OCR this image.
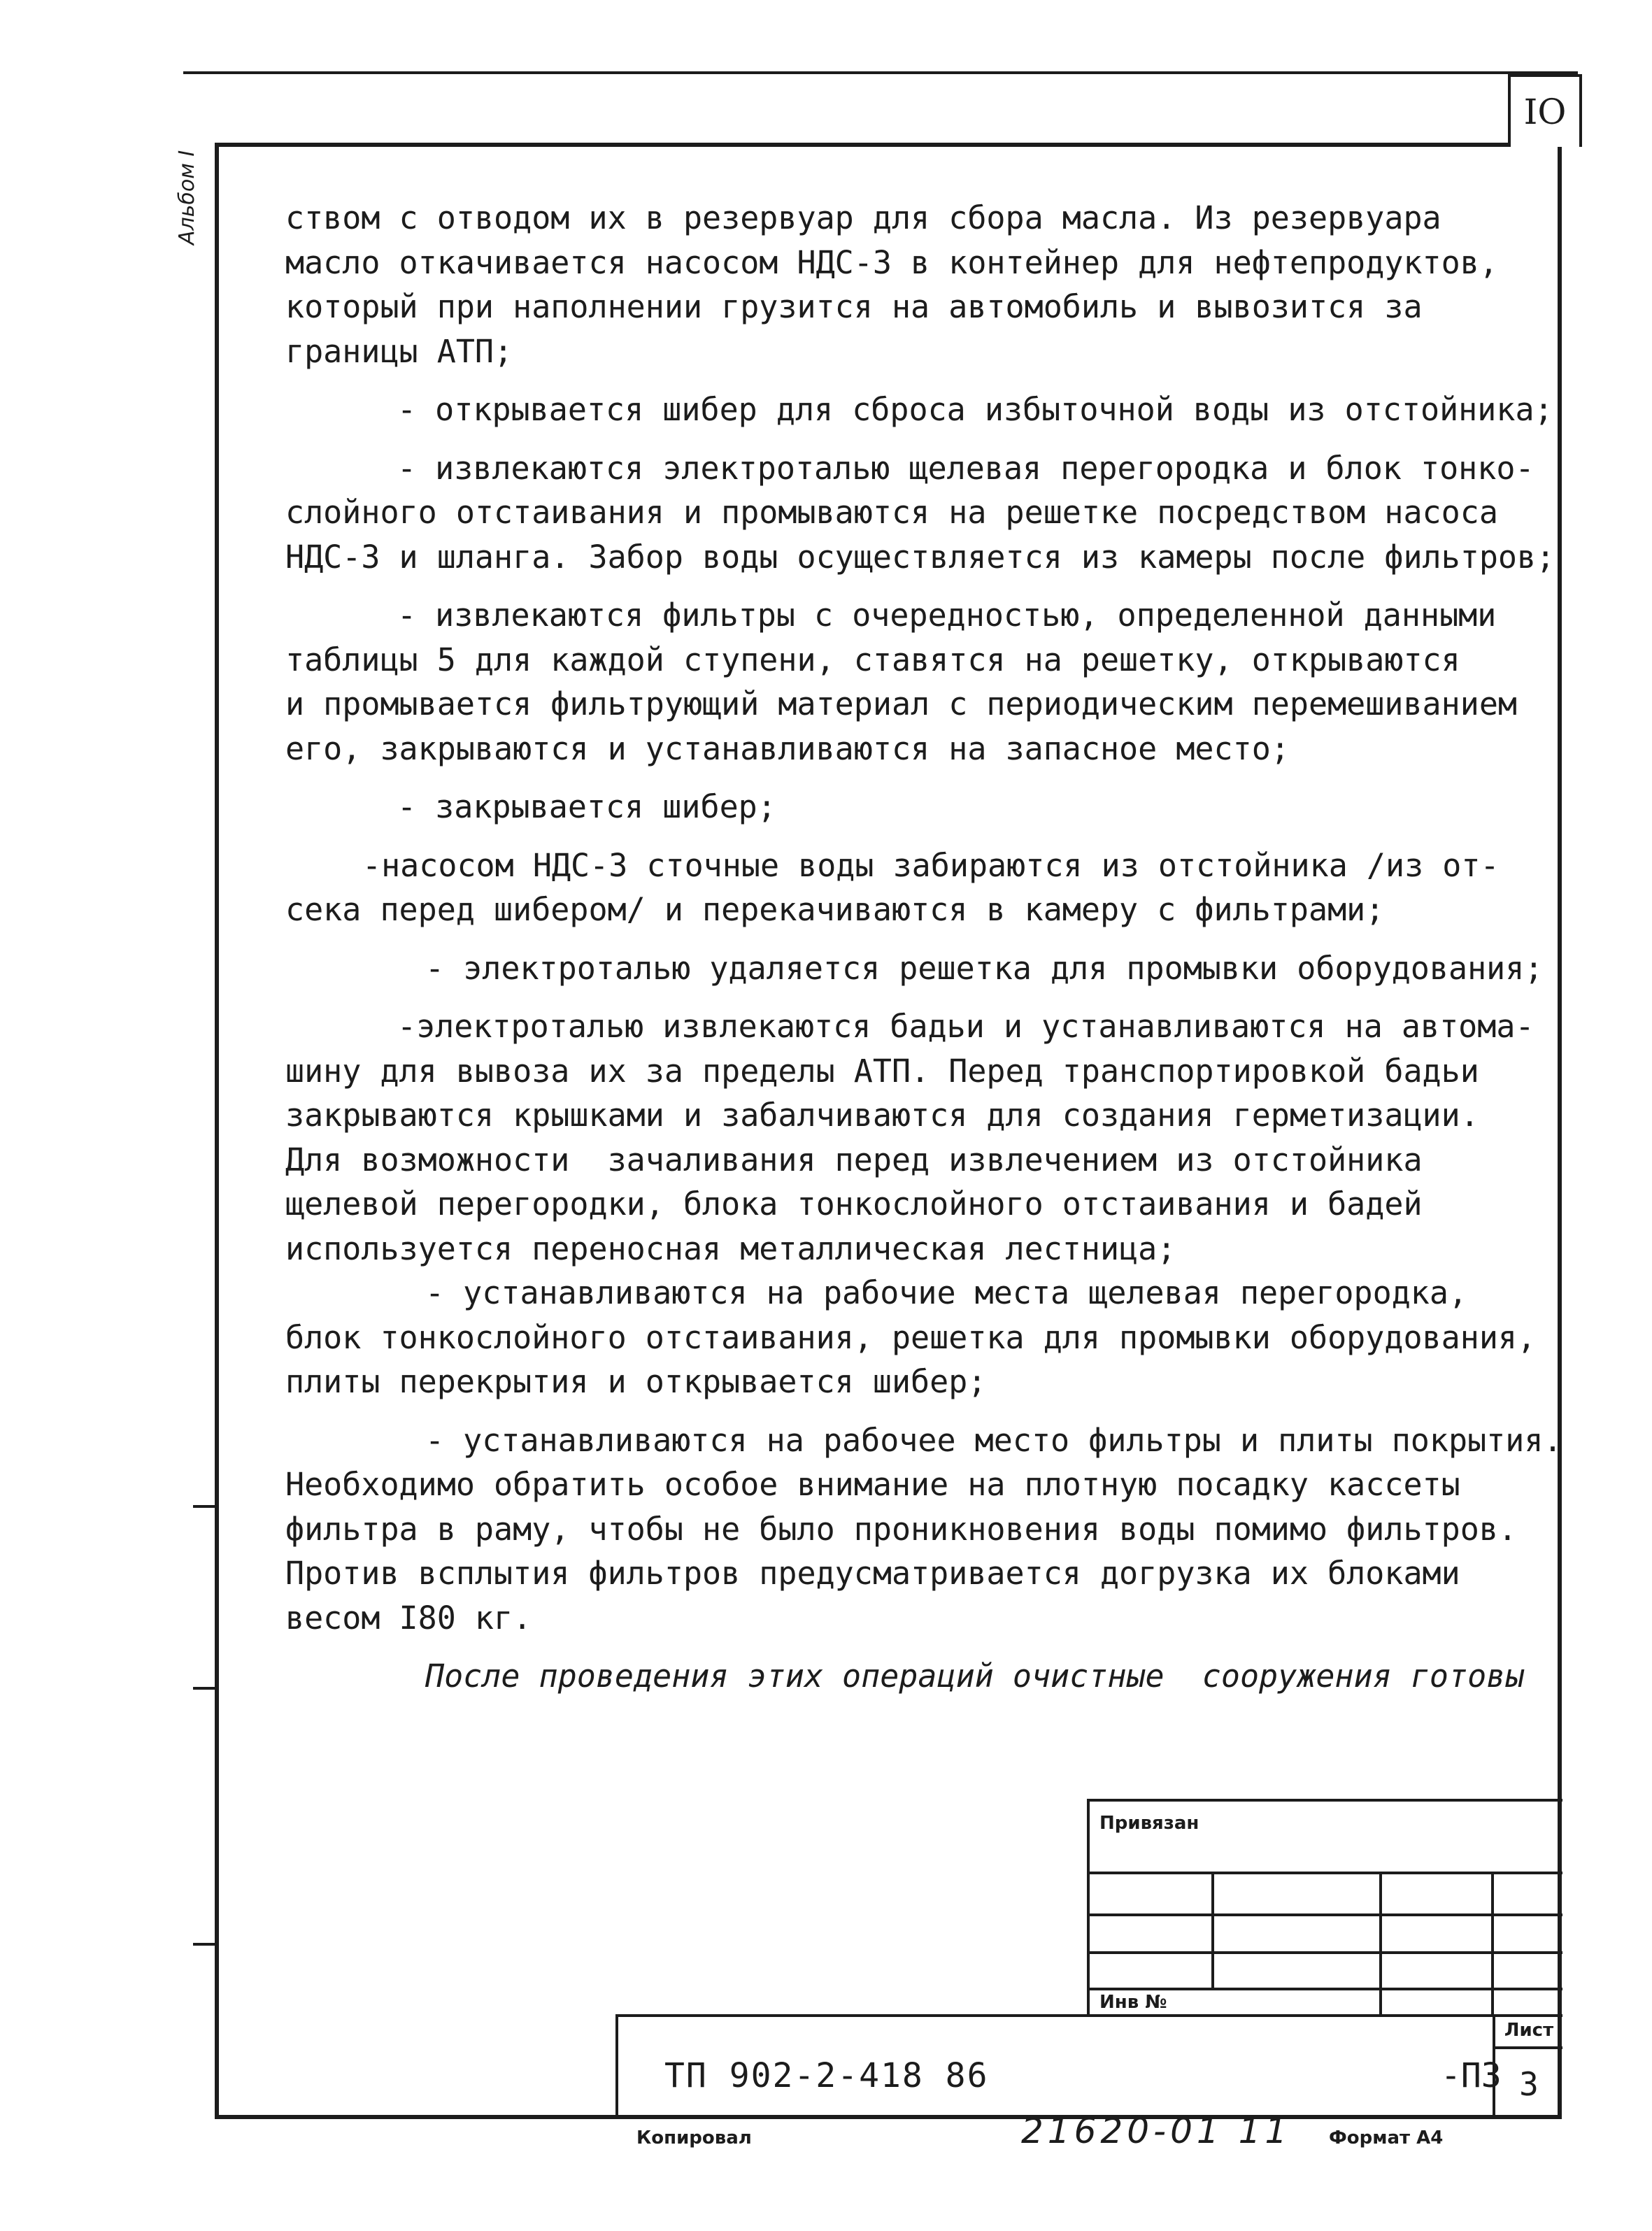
IO
Альбом I	ством с отводом их в резервуар для сбора масла. Из резервуара

масло откачивается насосом НДС-3 в контейнер для нефтепродуктов,

который при наполнении грузится на автомобиль и вывозится за

границы АТП;

- открывается шибер для сброса избыточной воды из отстойника;

- извлекаются электроталью щелевая перегородка и блок тонко-

слойного отстаивания и промываются на решетке посредством насоса

НДС-3 и шланга. Забор воды осуществляется из камеры после фильтров;

- извлекаются фильтры с очередностью, определенной данными

таблицы 5 для каждой ступени, ставятся на решетку, открываются

и промывается фильтрующий материал с периодическим перемешиванием

его, закрываются и устанавливаются на запасное место;

- закрывается шибер;

-насосом НДС-3 сточные воды забираются из отстойника /из от-

сека перед шибером/ и перекачиваются в камеру с фильтрами;

- электроталью удаляется решетка для промывки оборудования;

-электроталью извлекаются бадьи и устанавливаются на автома-

шину для вывоза их за пределы АТП. Перед транспортировкой бадьи

закрываются крышками и забалчиваются для создания герметизации.

Для возможности  зачаливания перед извлечением из отстойника

щелевой перегородки, блока тонкослойного отстаивания и бадей

используется переносная металлическая лестница;

- устанавливаются на рабочие места щелевая перегородка,

блок тонкослойного отстаивания, решетка для промывки оборудования,

плиты перекрытия и открывается шибер;

- устанавливаются на рабочее место фильтры и плиты покрытия.

Необходимо обратить особое внимание на плотную посадку кассеты

фильтра в раму, чтобы не было проникновения воды помимо фильтров.

Против всплытия фильтров предусматривается догрузка их блоками

весом I80 кг.

После проведения этих операций очистные  сооружения готовы

Привязан
Инв №
ТП 902-2-418 86	-ПЗ
Лист
3
Копировал	21620-01 11 Формат А4
